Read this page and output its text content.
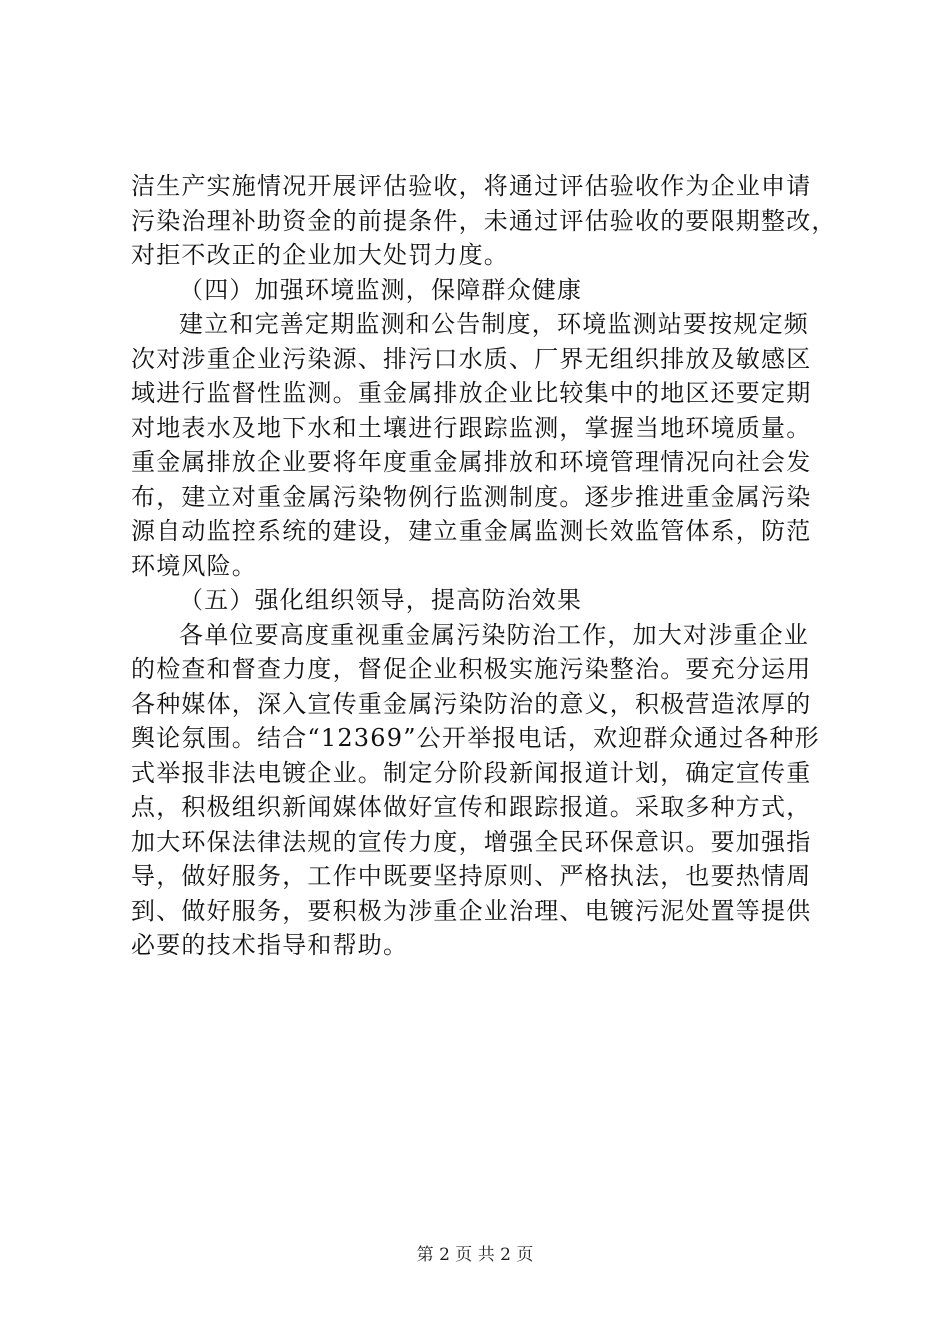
洁生产实施情况开展评估验收，将通过评估验收作为企业申请
污染治理补助资金的前提条件，未通过评估验收的要限期整改，
对拒不改正的企业加大处罚力度。
（四）加强环境监测，保障群众健康
建立和完善定期监测和公告制度，环境监测站要按规定频
次对涉重企业污染源、排污口水质、厂界无组织排放及敏感区
域进行监督性监测。重金属排放企业比较集中的地区还要定期
对地表水及地下水和土壤进行跟踪监测，掌握当地环境质量。
重金属排放企业要将年度重金属排放和环境管理情况向社会发
布，建立对重金属污染物例行监测制度。逐步推进重金属污染
源自动监控系统的建设，建立重金属监测长效监管体系，防范
环境风险。
（五）强化组织领导，提高防治效果
各单位要高度重视重金属污染防治工作，加大对涉重企业
的检查和督查力度，督促企业积极实施污染整治。要充分运用
各种媒体，深入宣传重金属污染防治的意义，积极营造浓厚的
舆论氛围。结合“12369”公开举报电话，欢迎群众通过各种形
式举报非法电镀企业。制定分阶段新闻报道计划，确定宣传重
点，积极组织新闻媒体做好宣传和跟踪报道。采取多种方式，
加大环保法律法规的宣传力度，增强全民环保意识。要加强指
导，做好服务，工作中既要坚持原则、严格执法，也要热情周
到、做好服务，要积极为涉重企业治理、电镀污泥处置等提供
必要的技术指导和帮助。
第 2 页 共 2 页
